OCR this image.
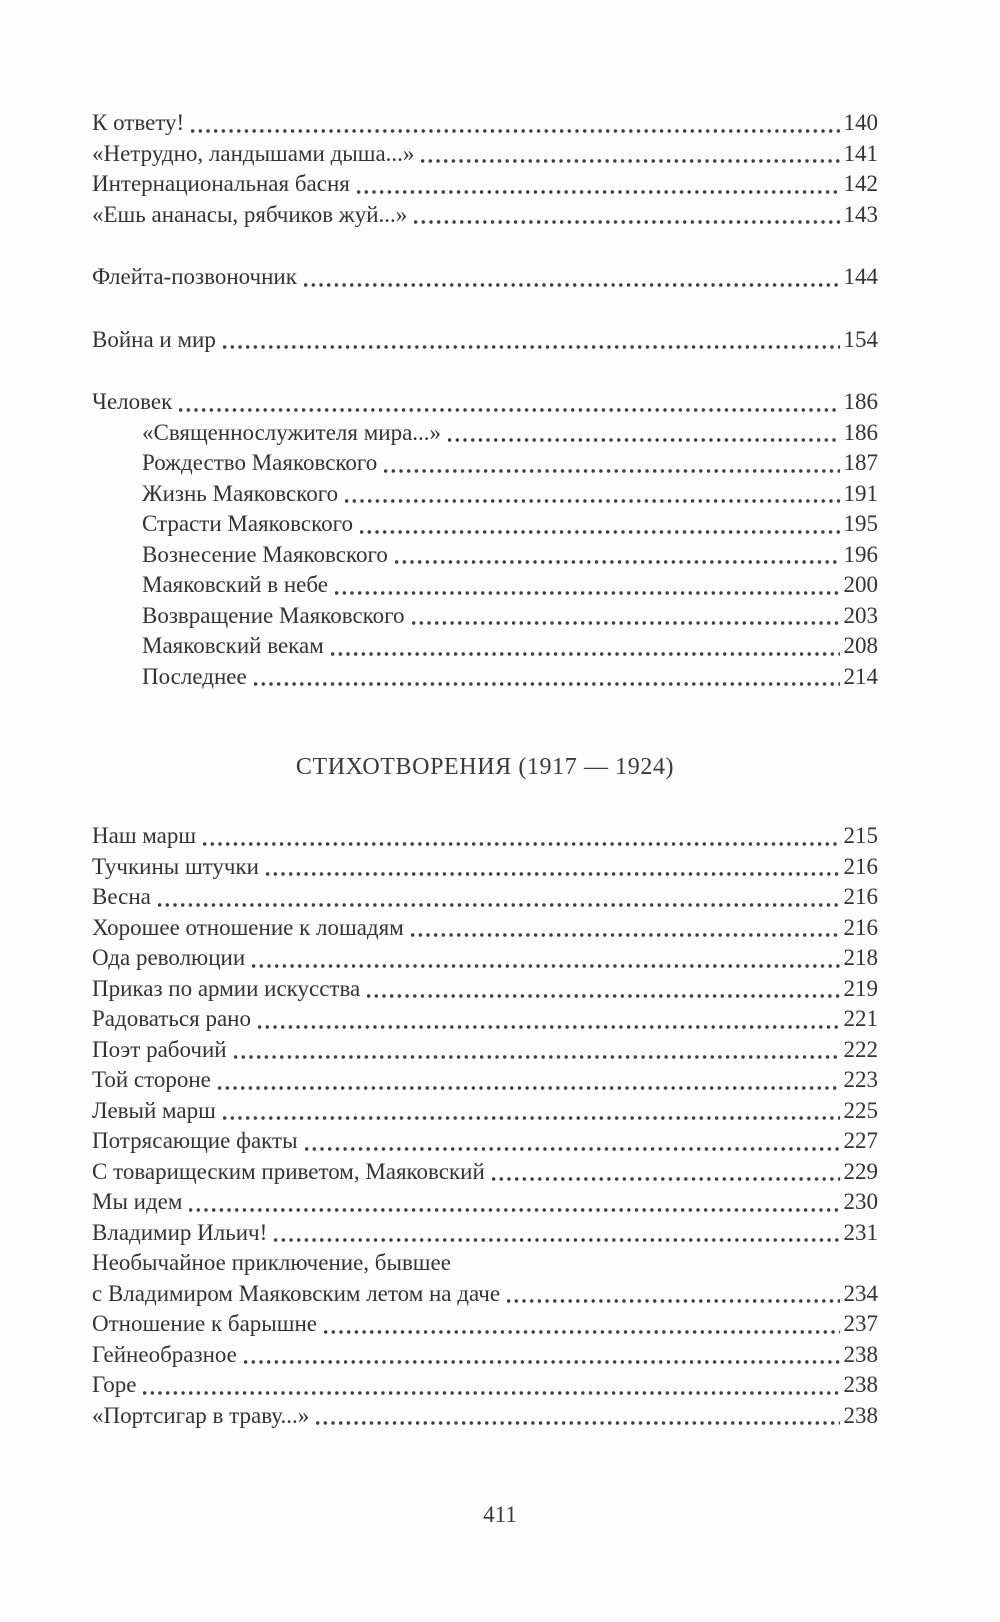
К ответу!	140
«Нетрудно, ландышами дыша...»	141
Интернациональная басня	142
«Ешь ананасы, рябчиков жуй...»	143
Флейта-позвоночник	144
Война и мир	154
Человек	186
«Священнослужителя мира...»	186
Рождество Маяковского	187
Жизнь Маяковского	191
Страсти Маяковского	195
Вознесение Маяковского	196
Маяковский в небе	200
Возвращение Маяковского	203
Маяковский векам	208
Последнее	214
СТИХОТВОРЕНИЯ (1917 — 1924)
Наш марш	215
Тучкины штучки	216
Весна	216
Хорошее отношение к лошадям	216
Ода революции	218
Приказ по армии искусства	219
Радоваться рано	221
Поэт рабочий	222
Той стороне	223
Левый марш	225
Потрясающие факты	227
С товарищеским приветом, Маяковский	229
Мы идем	230
Владимир Ильич!	231
Необычайное приключение, бывшее
с Владимиром Маяковским летом на даче	234
Отношение к барышне	237
Гейнеобразное	238
Горе	238
«Портсигар в траву...»	238
411
